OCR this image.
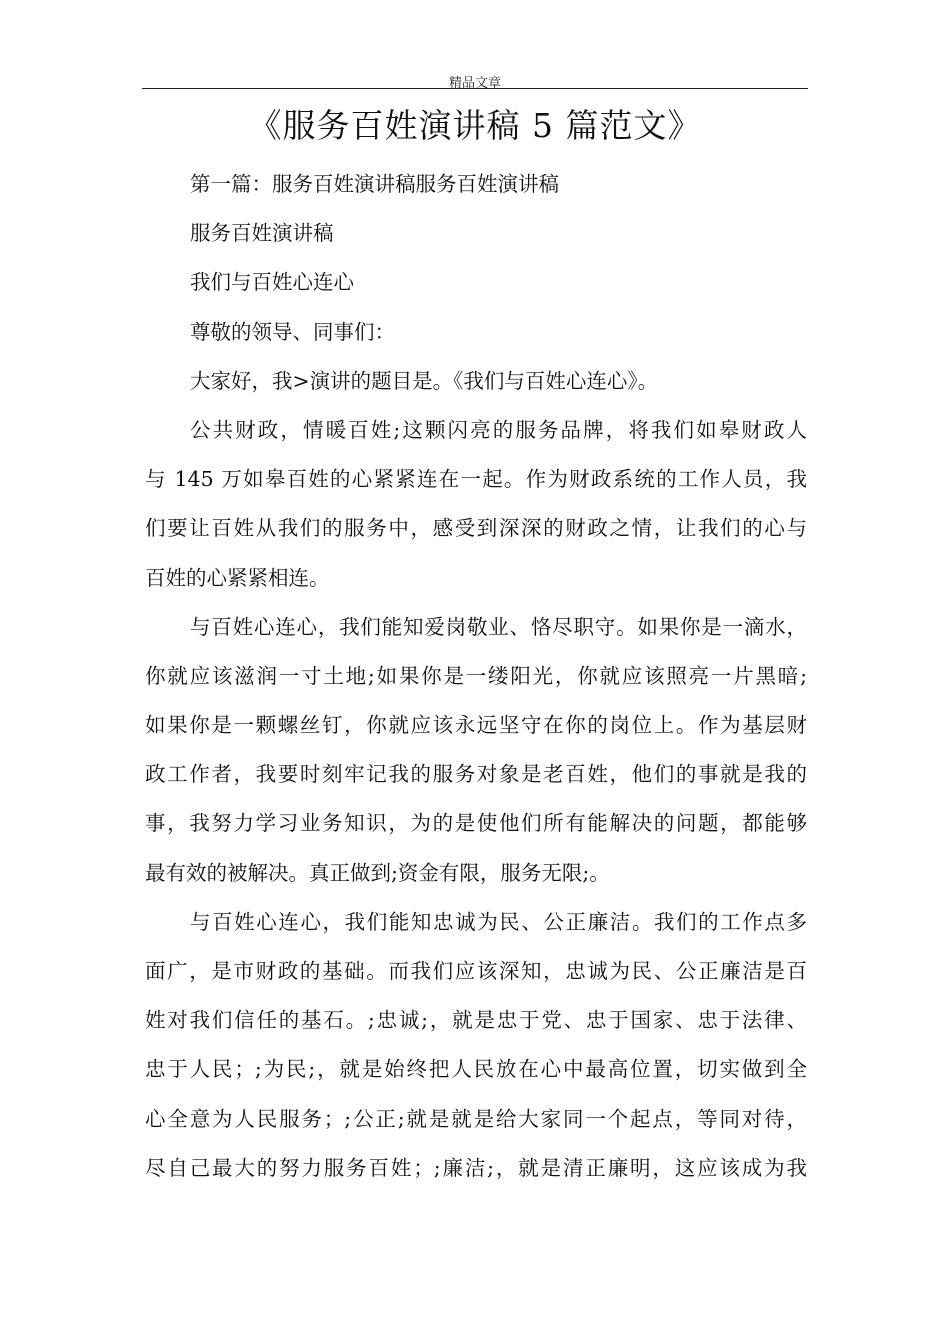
精品文章
《服务百姓演讲稿 5 篇范文》
第一篇：服务百姓演讲稿服务百姓演讲稿
服务百姓演讲稿
我们与百姓心连心
尊敬的领导、同事们：
大家好，我>演讲的题目是。《我们与百姓心连心》。
公共财政，情暖百姓;这颗闪亮的服务品牌，将我们如皋财政人
与 145 万如皋百姓的心紧紧连在一起。作为财政系统的工作人员，我
们要让百姓从我们的服务中，感受到深深的财政之情，让我们的心与
百姓的心紧紧相连。
与百姓心连心，我们能知爱岗敬业、恪尽职守。如果你是一滴水，
你就应该滋润一寸土地;如果你是一缕阳光，你就应该照亮一片黑暗;
如果你是一颗螺丝钉，你就应该永远坚守在你的岗位上。作为基层财
政工作者，我要时刻牢记我的服务对象是老百姓，他们的事就是我的
事，我努力学习业务知识，为的是使他们所有能解决的问题，都能够
最有效的被解决。真正做到;资金有限，服务无限;。
与百姓心连心，我们能知忠诚为民、公正廉洁。我们的工作点多
面广，是市财政的基础。而我们应该深知，忠诚为民、公正廉洁是百
姓对我们信任的基石。;忠诚;，就是忠于党、忠于国家、忠于法律、
忠于人民；;为民;，就是始终把人民放在心中最高位置，切实做到全
心全意为人民服务；;公正;就是就是给大家同一个起点，等同对待，
尽自己最大的努力服务百姓；;廉洁;，就是清正廉明，这应该成为我
